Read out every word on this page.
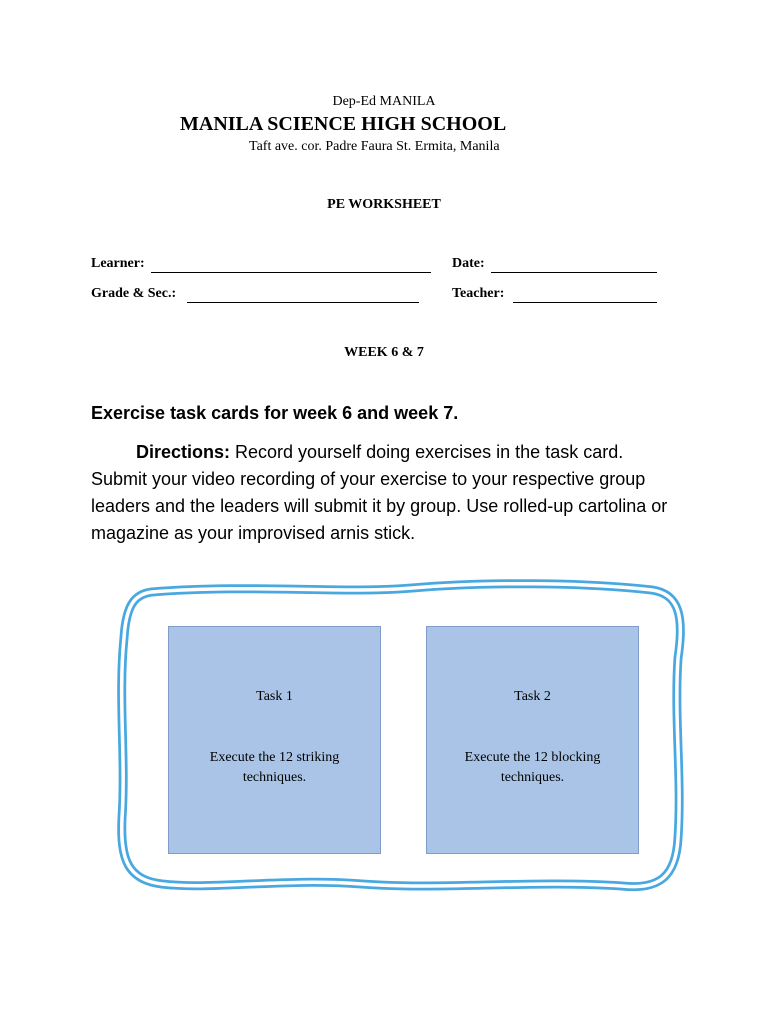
Dep-Ed MANILA
MANILA SCIENCE HIGH SCHOOL
Taft ave. cor. Padre Faura St. Ermita, Manila
PE WORKSHEET
Learner:	Date:
Grade & Sec.:	Teacher:
WEEK 6 & 7
Exercise task cards for week 6 and week 7.
Directions: Record yourself doing exercises in the task card. Submit your video recording of your exercise to your respective group leaders and the leaders will submit it by group. Use rolled-up cartolina or magazine as your improvised arnis stick.
Task 1
Execute the 12 striking techniques.
Task 2
Execute the 12 blocking techniques.
